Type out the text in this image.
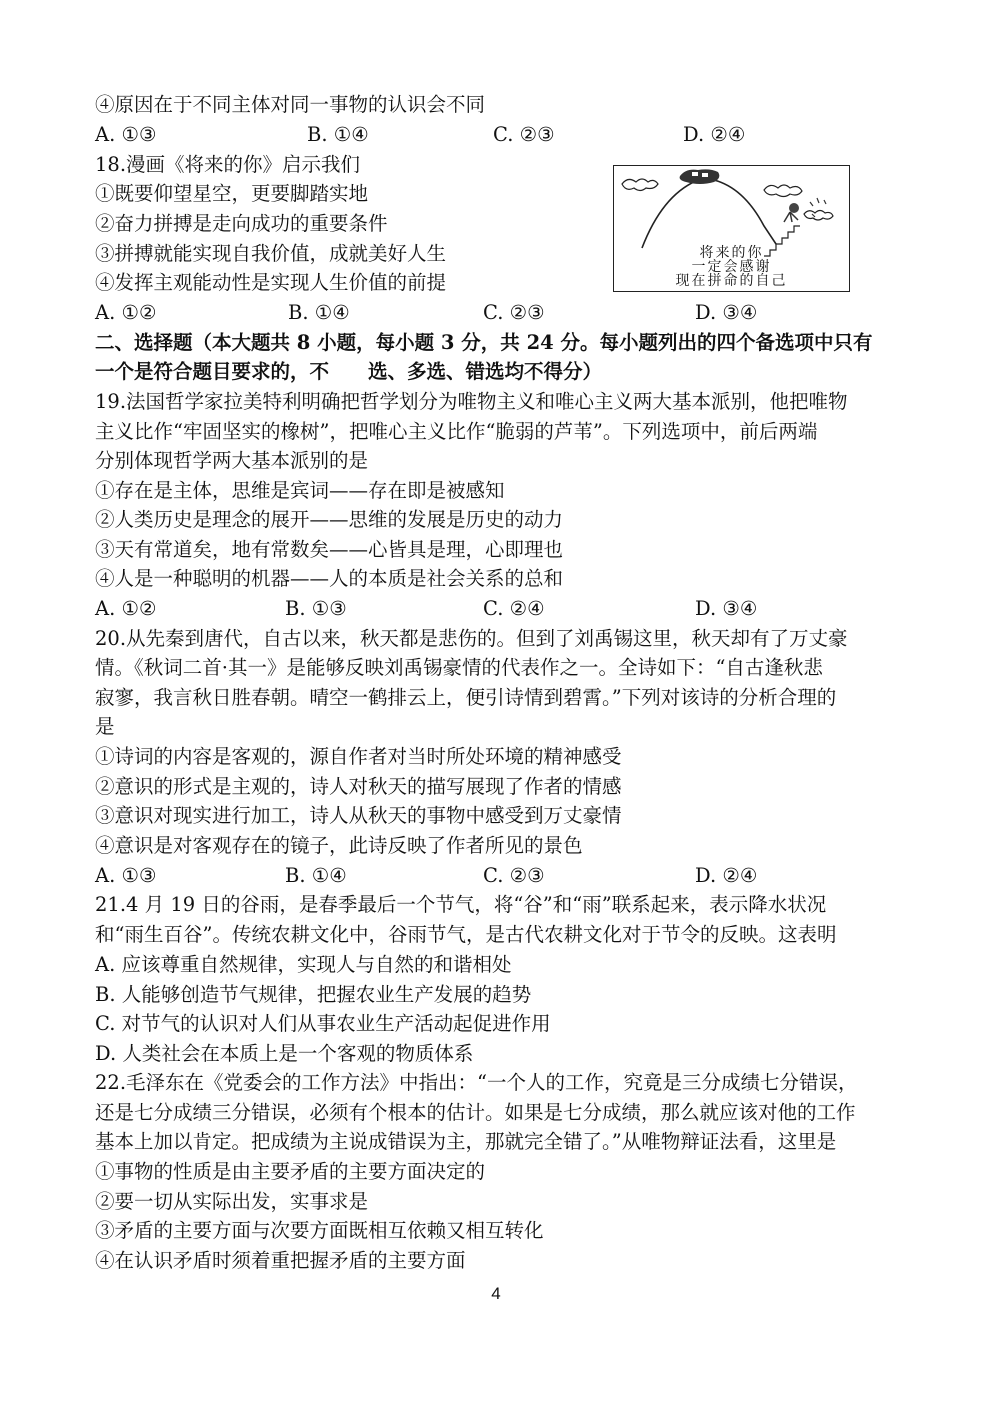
④原因在于不同主体对同一事物的认识会不同
A. ①③	B. ①④	C. ②③	D. ②④
18.漫画《将来的你》启示我们
①既要仰望星空，更要脚踏实地
②奋力拼搏是走向成功的重要条件
③拼搏就能实现自我价值，成就美好人生
④发挥主观能动性是实现人生价值的前提
将来的你
一定会感谢
现在拼命的自己
A. ①②	B. ①④	C. ②③	D. ③④
二、选择题（本大题共 8 小题，每小题 3 分，共 24 分。每小题列出的四个备选项中只有
一个是符合题目要求的，不　　选、多选、错选均不得分）
19.法国哲学家拉美特利明确把哲学划分为唯物主义和唯心主义两大基本派别，他把唯物
主义比作“牢固坚实的橡树”，把唯心主义比作“脆弱的芦苇”。下列选项中，前后两端
分别体现哲学两大基本派别的是
①存在是主体，思维是宾词——存在即是被感知
②人类历史是理念的展开——思维的发展是历史的动力
③天有常道矣，地有常数矣——心皆具是理，心即理也
④人是一种聪明的机器——人的本质是社会关系的总和
A. ①②	B. ①③	C. ②④	D. ③④
20.从先秦到唐代，自古以来，秋天都是悲伤的。但到了刘禹锡这里，秋天却有了万丈豪
情。《秋词二首·其一》是能够反映刘禹锡豪情的代表作之一。全诗如下：“自古逢秋悲
寂寥，我言秋日胜春朝。晴空一鹤排云上，便引诗情到碧霄。”下列对该诗的分析合理的
是
①诗词的内容是客观的，源自作者对当时所处环境的精神感受
②意识的形式是主观的，诗人对秋天的描写展现了作者的情感
③意识对现实进行加工，诗人从秋天的事物中感受到万丈豪情
④意识是对客观存在的镜子，此诗反映了作者所见的景色
A. ①③	B. ①④	C. ②③	D. ②④
21.4 月 19 日的谷雨，是春季最后一个节气，将“谷”和“雨”联系起来，表示降水状况
和“雨生百谷”。传统农耕文化中，谷雨节气，是古代农耕文化对于节令的反映。这表明
A. 应该尊重自然规律，实现人与自然的和谐相处
B. 人能够创造节气规律，把握农业生产发展的趋势
C. 对节气的认识对人们从事农业生产活动起促进作用
D. 人类社会在本质上是一个客观的物质体系
22.毛泽东在《党委会的工作方法》中指出：“一个人的工作，究竟是三分成绩七分错误，
还是七分成绩三分错误，必须有个根本的估计。如果是七分成绩，那么就应该对他的工作
基本上加以肯定。把成绩为主说成错误为主，那就完全错了。”从唯物辩证法看，这里是
①事物的性质是由主要矛盾的主要方面决定的
②要一切从实际出发，实事求是
③矛盾的主要方面与次要方面既相互依赖又相互转化
④在认识矛盾时须着重把握矛盾的主要方面
4
